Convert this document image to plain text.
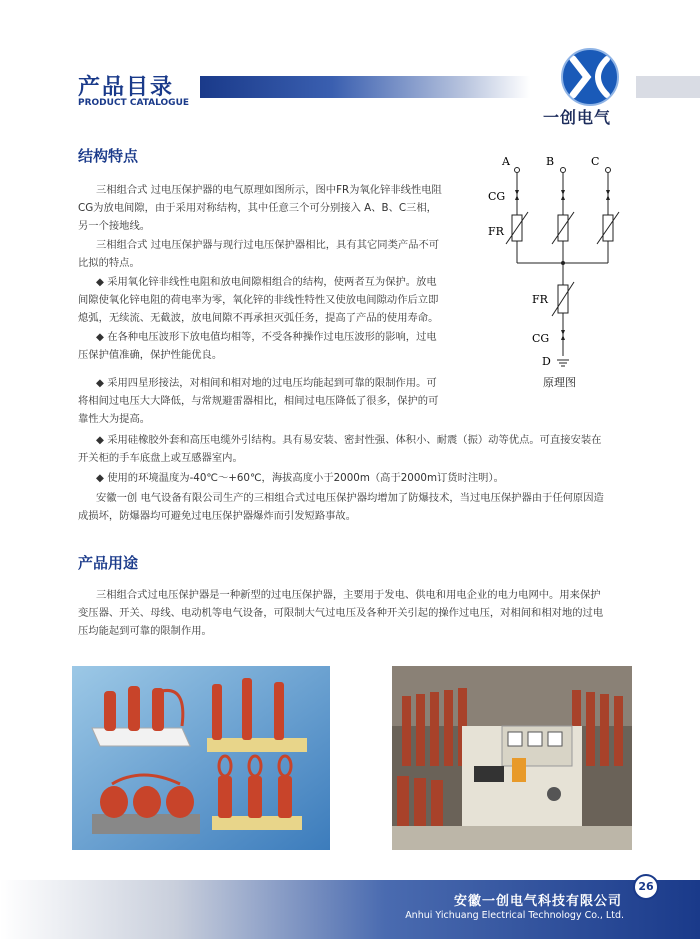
产品目录
PRODUCT CATALOGUE
一创电气
结构特点
三相组合式 过电压保护器的电气原理如图所示，图中FR为氧化锌非线性电阻
CG为放电间隙，由于采用对称结构，其中任意三个可分别接入 A、B、C三相，
另一个接地线。
三相组合式 过电压保护器与现行过电压保护器相比，具有其它同类产品不可
比拟的特点。
◆ 采用氧化锌非线性电阻和放电间隙相组合的结构，使两者互为保护。放电
间隙使氧化锌电阻的荷电率为零，氧化锌的非线性特性又使放电间隙动作后立即
熄弧，无续流、无截波，放电间隙不再承担灭弧任务，提高了产品的使用寿命。
◆ 在各种电压波形下放电值均相等，不受各种操作过电压波形的影响，过电
压保护值准确，保护性能优良。
◆ 采用四星形接法，对相间和相对地的过电压均能起到可靠的限制作用。可
将相间过电压大大降低，与常规避雷器相比，相间过电压降低了很多，保护的可
靠性大为提高。
◆ 采用硅橡胶外套和高压电缆外引结构。具有易安装、密封性强、体积小、耐震（振）动等优点。可直接安装在
开关柜的手车底盘上或互感器室内。
◆ 使用的环境温度为-40℃～+60℃，海拔高度小于2000m（高于2000m订货时注明）。
安徽一创 电气设备有限公司生产的三相组合式过电压保护器均增加了防爆技术，当过电压保护器由于任何原因造
成损坏，防爆器均可避免过电压保护器爆炸而引发短路事故。
A	B	C
CG
FR
FR
CG
D
原理图
产品用途
三相组合式过电压保护器是一种新型的过电压保护器，主要用于发电、供电和用电企业的电力电网中。用来保护
变压器、开关、母线、电动机等电气设备，可限制大气过电压及各种开关引起的操作过电压，对相间和相对地的过电
压均能起到可靠的限制作用。
26
安徽一创电气科技有限公司
Anhui Yichuang Electrical Technology Co., Ltd.
